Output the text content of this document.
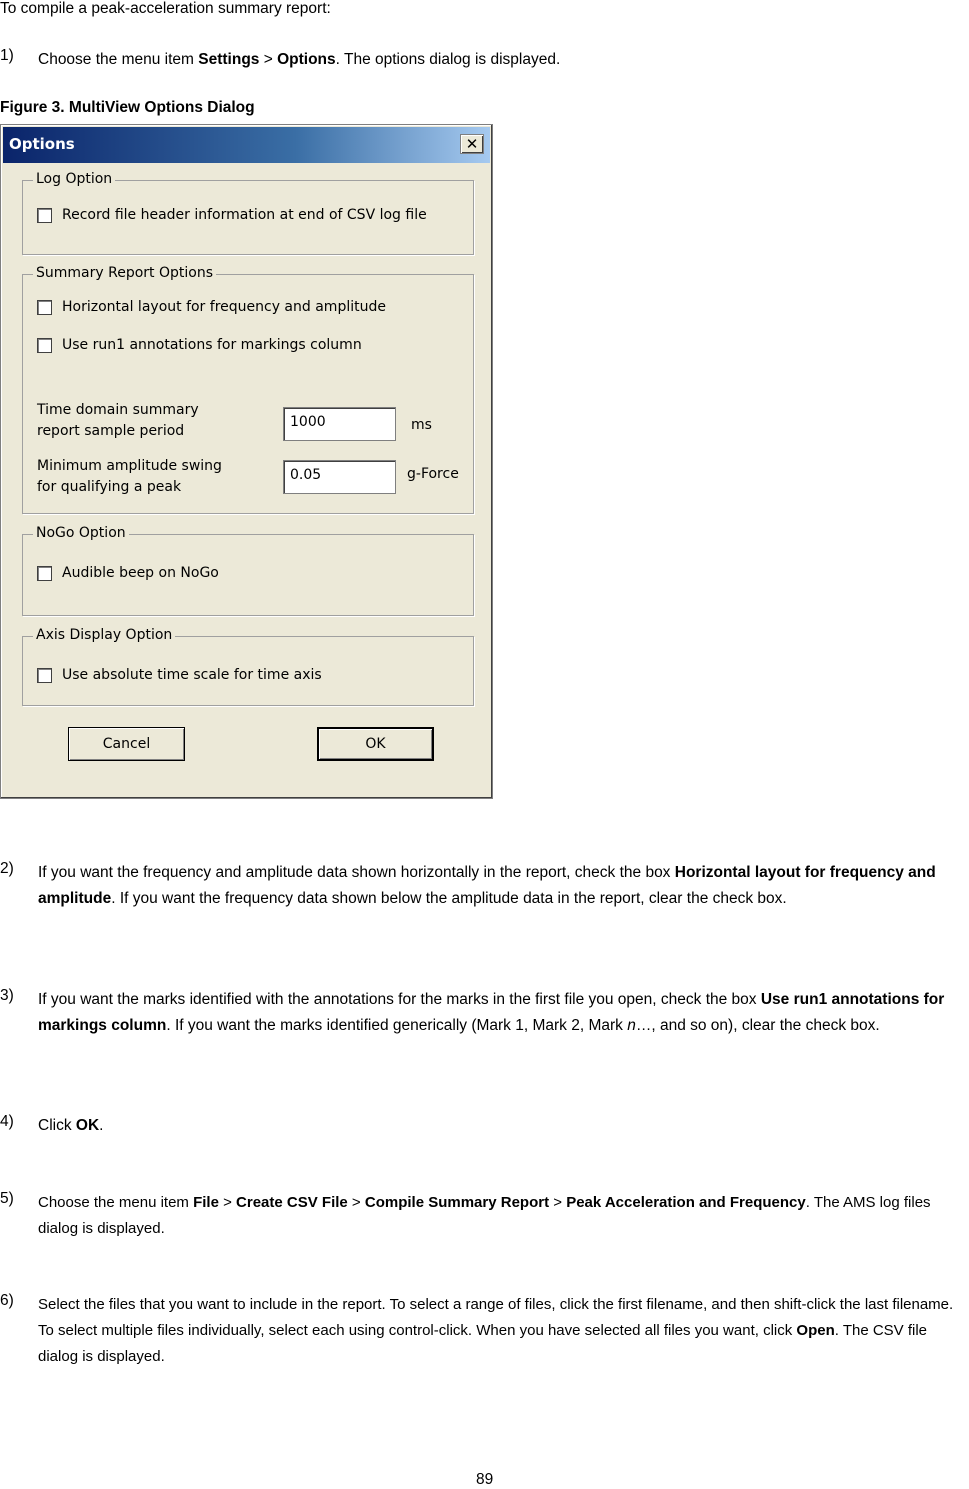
To compile a peak-acceleration summary report:
1) Choose the menu item Settings > Options. The options dialog is displayed.
Figure 3. MultiView Options Dialog
Options	✕
Log Option
Record file header information at end of CSV log file
Summary Report Options
Horizontal layout for frequency and amplitude
Use run1 annotations for markings column
Time domain summary
report sample period
1000	ms
Minimum amplitude swing
for qualifying a peak
0.05	g-Force
NoGo Option
Audible beep on NoGo
Axis Display Option
Use absolute time scale for time axis
Cancel	OK
2) If you want the frequency and amplitude data shown horizontally in the report, check the box Horizontal layout for frequency and amplitude. If you want the frequency data shown below the amplitude data in the report, clear the check box.
3) If you want the marks identified with the annotations for the marks in the first file you open, check the box Use run1 annotations for markings column. If you want the marks identified generically (Mark 1, Mark 2, Mark n…, and so on), clear the check box.
4) Click OK.
5) Choose the menu item File > Create CSV File > Compile Summary Report > Peak Acceleration and Frequency. The AMS log files dialog is displayed.
6) Select the files that you want to include in the report. To select a range of files, click the first filename, and then shift-click the last filename. To select multiple files individually, select each using control-click. When you have selected all files you want, click Open. The CSV file dialog is displayed.
89
